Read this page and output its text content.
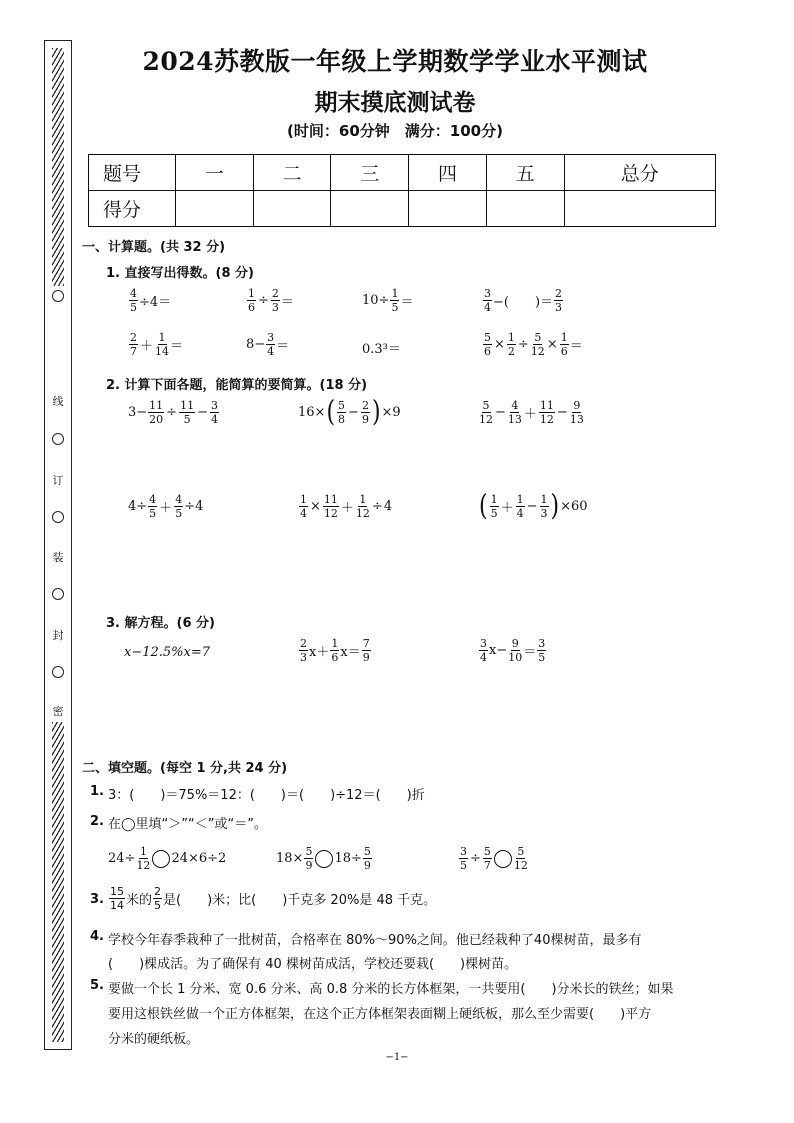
线
订
装
封
密
2024苏教版一年级上学期数学学业水平测试
期末摸底测试卷
(时间：60分钟　满分：100分)
题号	一	二	三	四	五	总分
得分						
一、计算题。(共 32 分)
1. 直接写出得数。(8 分)
$\frac{4}{5} \div 4=$	$\frac{1}{6} \div \frac{2}{3}$ ＝	$10\div \frac{1}{5}$ ＝	$\frac{3}{4}$ −(　　)＝ $\frac{2}{3}$
$\frac{2}{7} + \frac{1}{14}$ ＝	$8- \frac{3}{4}$ ＝	0.3³＝	$\frac{5}{6} \times \frac{1}{2} \div \frac{5}{12} \times \frac{1}{6}$ ＝
2. 计算下面各题，能简算的要简算。(18 分)
$3- \frac{11}{20} \div \frac{11}{5} - \frac{3}{4}$	16× ( $\frac{5}{8} - \frac{2}{9}$ ) ×9	$\frac{5}{12} - \frac{4}{13} + \frac{11}{12} - \frac{9}{13}$
$4\div \frac{4}{5} + \frac{4}{5} \div 4$	$\frac{1}{4} \times \frac{11}{12} + \frac{1}{12} \div 4$	( $\frac{1}{5} + \frac{1}{4} - \frac{1}{3}$ ) ×60
3. 解方程。(6 分)
x−12.5%x=7	$\frac{2}{3} x+ \frac{1}{6} x= \frac{7}{9}$	$\frac{3}{4} x- \frac{9}{10} = \frac{3}{5}$
二、填空题。(每空 1 分,共 24 分)
1. 3：(　　)＝75%＝12：(　　)＝(　　)÷12＝(　　)折
2. 在◯里填“＞”“＜”或“＝”。
$24\div \frac{1}{12} 24\times 6\div 2$	$18\times \frac{5}{9} 18\div \frac{5}{9}$	$\frac{3}{5} \div \frac{5}{7} \frac{5}{12}$
3. $\frac{15}{14}$ 米的 $\frac{2}{5}$ 是(　　)米；比(　　)千克多 20%是 48 千克。
4. 学校今年春季栽种了一批树苗，合格率在 80%～90%之间。他已经栽种了40棵树苗，最多有
(　　)棵成活。为了确保有 40 棵树苗成活，学校还要栽(　　)棵树苗。
5. 要做一个长 1 分米、宽 0.6 分米、高 0.8 分米的长方体框架，一共要用(　　)分米长的铁丝；如果
要用这根铁丝做一个正方体框架，在这个正方体框架表面糊上硬纸板，那么至少需要(　　)平方
分米的硬纸板。
−1−
